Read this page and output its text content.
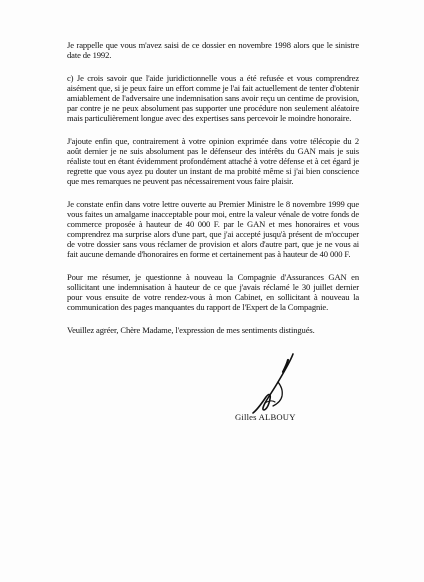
Je rappelle que vous m'avez saisi de ce dossier en novembre 1998 alors que le sinistre date de 1992.

c) Je crois savoir que l'aide juridictionnelle vous a été refusée et vous comprendrez aisément que, si je peux faire un effort comme je l'ai fait actuellement de tenter d'obtenir amiablement de l'adversaire une indemnisation sans avoir reçu un centime de provision, par contre je ne peux absolument pas supporter une procédure non seulement aléatoire mais particulièrement longue avec des expertises sans percevoir le moindre honoraire.

J'ajoute enfin que, contrairement à votre opinion exprimée dans votre télécopie du 2 août dernier je ne suis absolument pas le défenseur des intérêts du GAN mais je suis réaliste tout en étant évidemment profondément attaché à votre défense et à cet égard je regrette que vous ayez pu douter un instant de ma probité même si j'ai bien conscience que mes remarques ne peuvent pas nécessairement vous faire plaisir.

Je constate enfin dans votre lettre ouverte au Premier Ministre le 8 novembre 1999 que vous faites un amalgame inacceptable pour moi, entre la valeur vénale de votre fonds de commerce proposée à hauteur de 40 000 F. par le GAN et mes honoraires et vous comprendrez ma surprise alors d'une part, que j'ai accepté jusqu'à présent de m'occuper de votre dossier sans vous réclamer de provision et alors d'autre part, que je ne vous ai fait aucune demande d'honoraires en forme et certainement pas à hauteur de 40 000 F.

Pour me résumer, je questionne à nouveau la Compagnie d'Assurances GAN en sollicitant une indemnisation à hauteur de ce que j'avais réclamé le 30 juillet dernier pour vous ensuite de votre rendez-vous à mon Cabinet, en sollicitant à nouveau la communication des pages manquantes du rapport de l'Expert de la Compagnie.

Veuillez agréer, Chère Madame, l'expression de mes sentiments distingués.

Gilles ALBOUY
